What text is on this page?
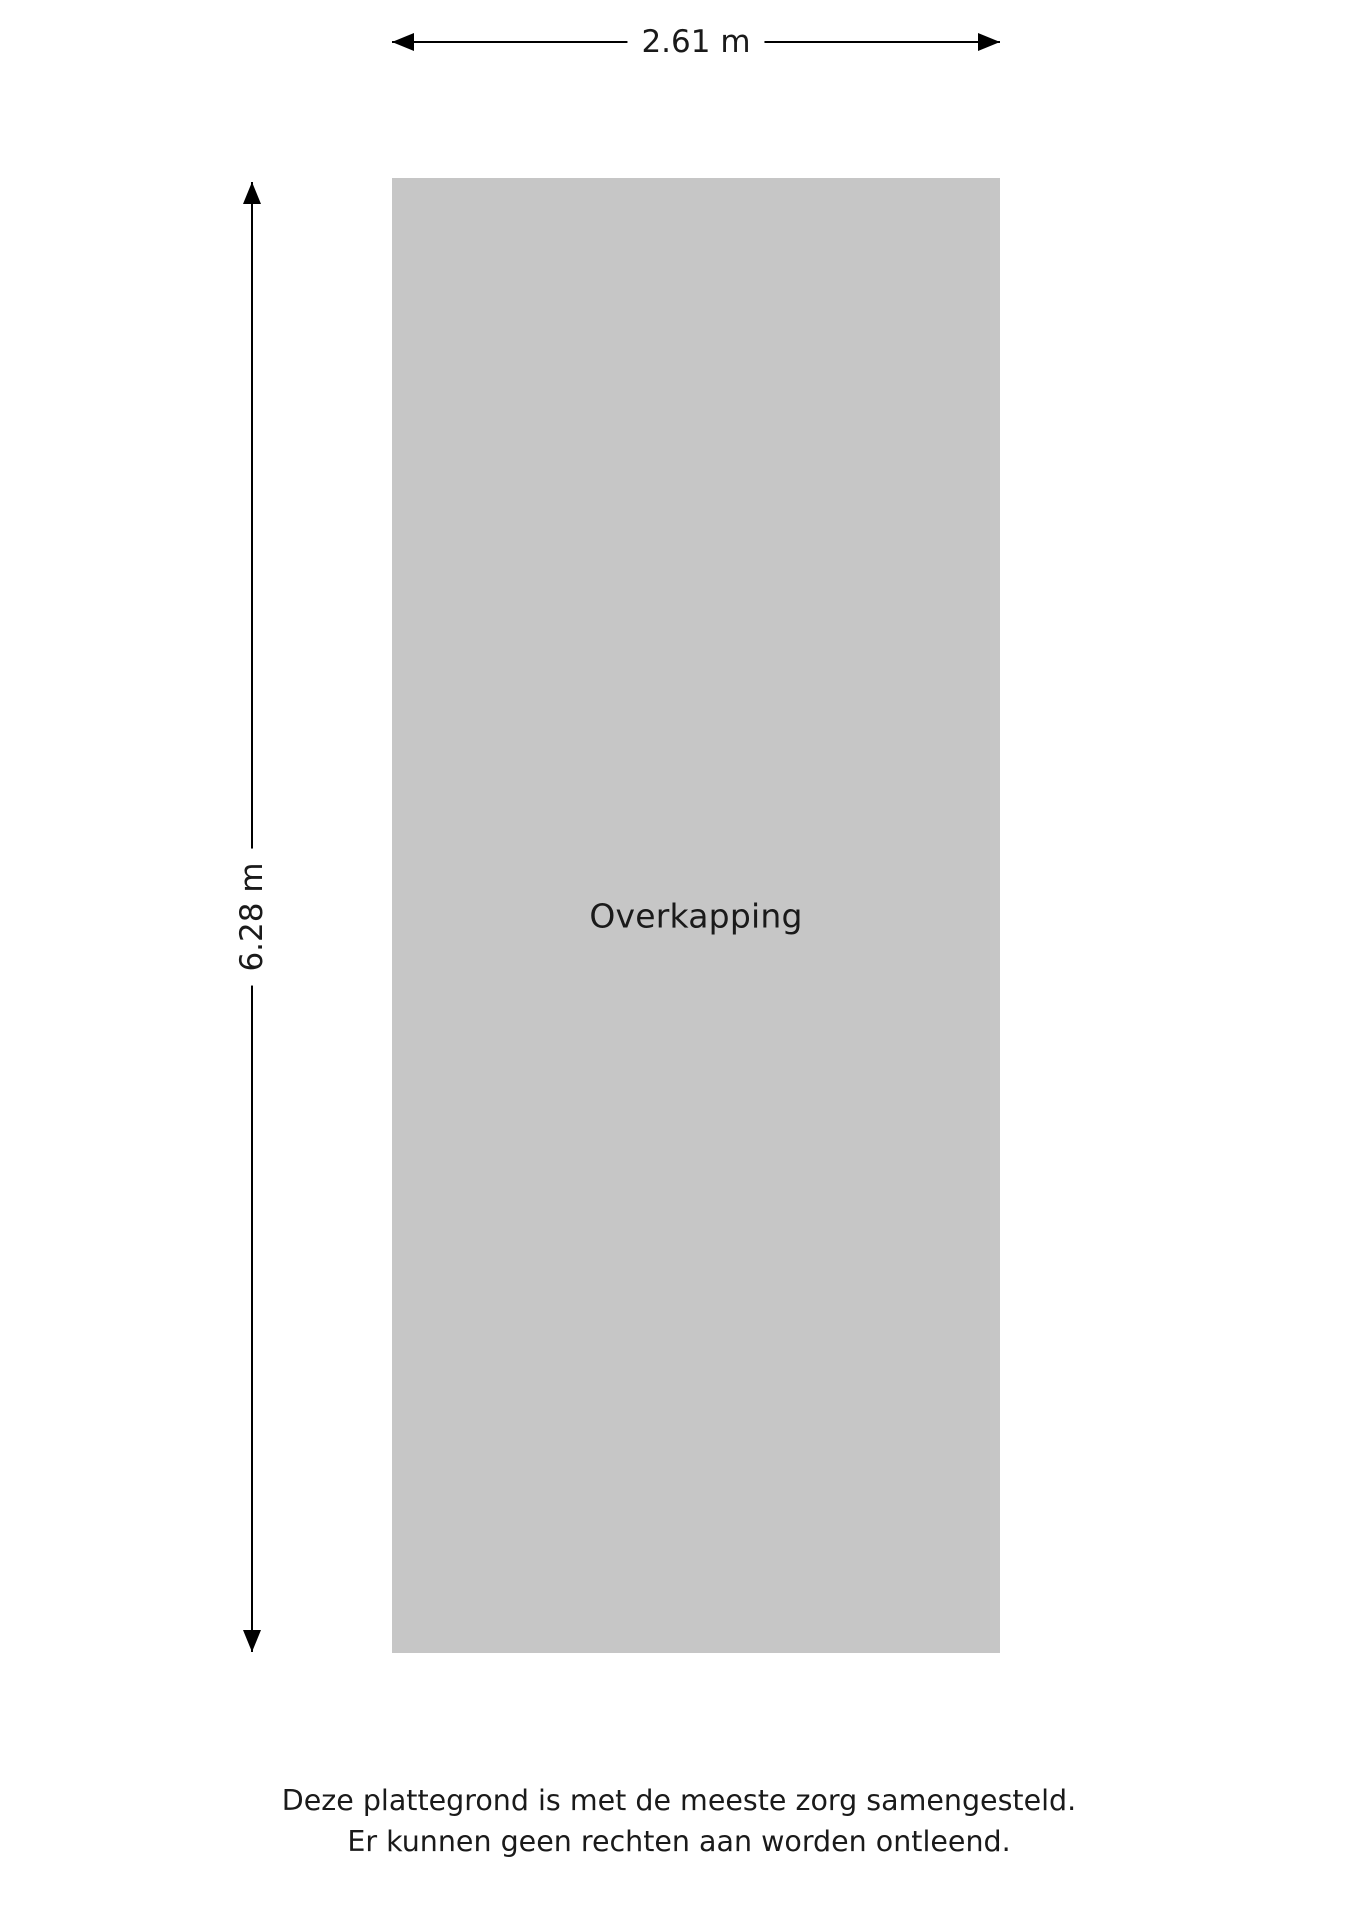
2.61 m
6.28 m	Overkapping
Deze plattegrond is met de meeste zorg samengesteld.
Er kunnen geen rechten aan worden ontleend.
